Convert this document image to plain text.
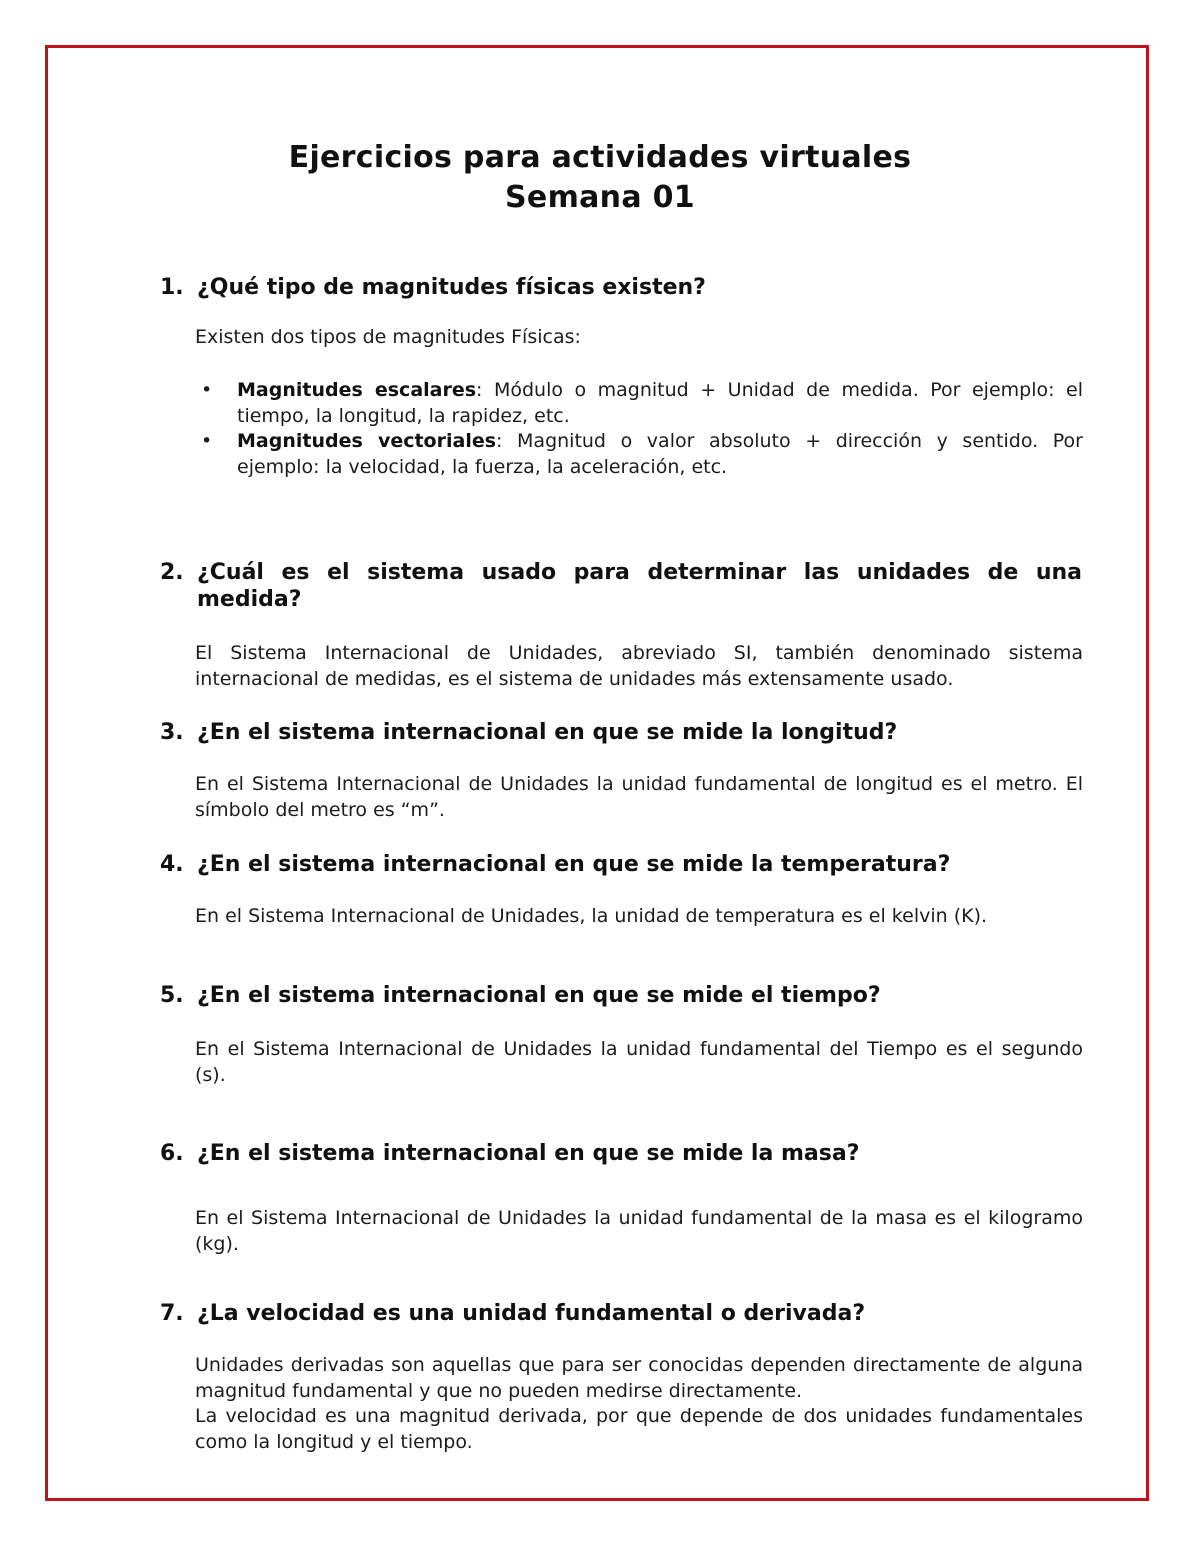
Ejercicios para actividades virtuales
Semana 01
1. ¿Qué tipo de magnitudes físicas existen?

Existen dos tipos de magnitudes Físicas:

• Magnitudes escalares: Módulo o magnitud + Unidad de medida. Por ejemplo: el tiempo, la longitud, la rapidez, etc.
• Magnitudes vectoriales: Magnitud o valor absoluto + dirección y sentido. Por ejemplo: la velocidad, la fuerza, la aceleración, etc.
2. ¿Cuál es el sistema usado para determinar las unidades de una medida?

El Sistema Internacional de Unidades, abreviado SI, también denominado sistema internacional de medidas, es el sistema de unidades más extensamente usado.

3. ¿En el sistema internacional en que se mide la longitud?

En el Sistema Internacional de Unidades la unidad fundamental de longitud es el metro. El símbolo del metro es “m”.

4. ¿En el sistema internacional en que se mide la temperatura?

En el Sistema Internacional de Unidades, la unidad de temperatura es el kelvin (K).

5. ¿En el sistema internacional en que se mide el tiempo?

En el Sistema Internacional de Unidades la unidad fundamental del Tiempo es el segundo (s).

6. ¿En el sistema internacional en que se mide la masa?

En el Sistema Internacional de Unidades la unidad fundamental de la masa es el kilogramo (kg).

7. ¿La velocidad es una unidad fundamental o derivada?

Unidades derivadas son aquellas que para ser conocidas dependen directamente de alguna magnitud fundamental y que no pueden medirse directamente.

La velocidad es una magnitud derivada, por que depende de dos unidades fundamentales como la longitud y el tiempo.
